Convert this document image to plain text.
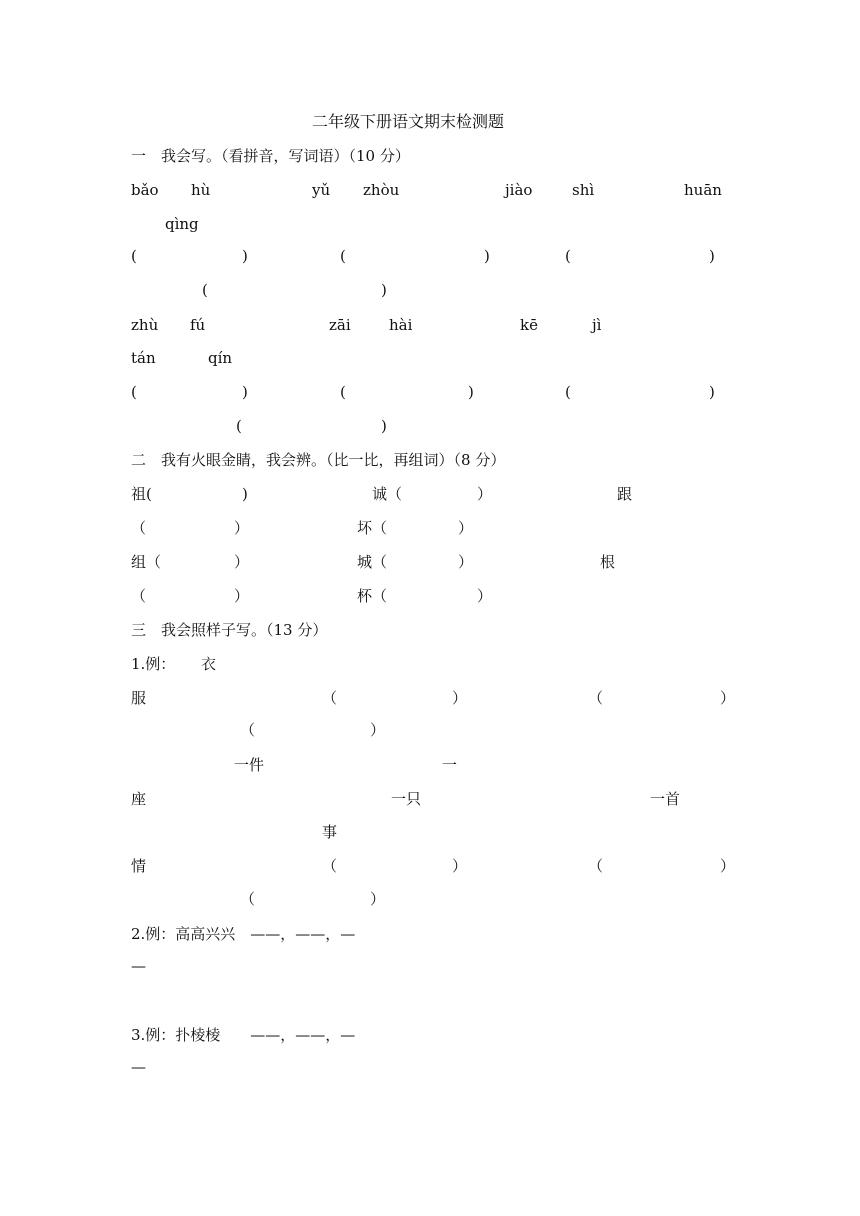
二年级下册语文期末检测题
一　我会写。（看拼音，写词语）（10 分）
bǎo hù	yǔ zhòu	jiào	shì	huān
qìng
(	)	(	)	(	)
(	)
zhù fú	zāi	hài	kē	jì
tán	qín
(	)	(	)	(	)
(	)
二　我有火眼金睛，我会辨。（比一比，再组词）（8 分）
祖(	)	诚（	）	跟
（	）	坏（	）
组（	）	城（	）	根
（	）	杯（	）
三　我会照样子写。（13 分）
1.例： 衣
服	（	）	（	）
（	）
一件	一
座	一只	一首
事
情	（	）	（	）
（	）
2.例：高高兴兴　——，——，—
—
3.例：扑棱棱　　——，——，—
—
